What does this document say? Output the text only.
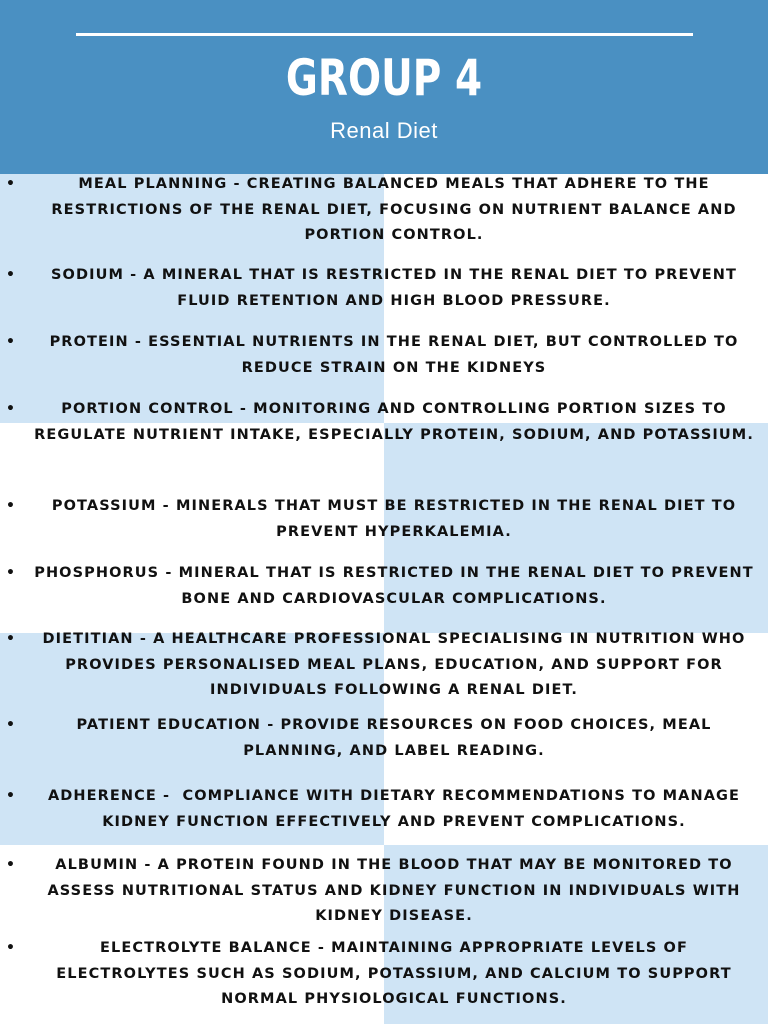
GROUP 4
Renal Diet
•	MEAL PLANNING - CREATING BALANCED MEALS THAT ADHERE TO THE RESTRICTIONS OF THE RENAL DIET, FOCUSING ON NUTRIENT BALANCE AND PORTION CONTROL.
•	SODIUM - A MINERAL THAT IS RESTRICTED IN THE RENAL DIET TO PREVENT FLUID RETENTION AND HIGH BLOOD PRESSURE.
•	PROTEIN - ESSENTIAL NUTRIENTS IN THE RENAL DIET, BUT CONTROLLED TO REDUCE STRAIN ON THE KIDNEYS
•	PORTION CONTROL - MONITORING AND CONTROLLING PORTION SIZES TO REGULATE NUTRIENT INTAKE, ESPECIALLY PROTEIN, SODIUM, AND POTASSIUM.
•	POTASSIUM - MINERALS THAT MUST BE RESTRICTED IN THE RENAL DIET TO PREVENT HYPERKALEMIA.
• PHOSPHORUS - MINERAL THAT IS RESTRICTED IN THE RENAL DIET TO PREVENT BONE AND CARDIOVASCULAR COMPLICATIONS.
•	DIETITIAN - A HEALTHCARE PROFESSIONAL SPECIALISING IN NUTRITION WHO PROVIDES PERSONALISED MEAL PLANS, EDUCATION, AND SUPPORT FOR INDIVIDUALS FOLLOWING A RENAL DIET.
•	PATIENT EDUCATION - PROVIDE RESOURCES ON FOOD CHOICES, MEAL PLANNING, AND LABEL READING.
•	ADHERENCE -  COMPLIANCE WITH DIETARY RECOMMENDATIONS TO MANAGE KIDNEY FUNCTION EFFECTIVELY AND PREVENT COMPLICATIONS.
•	ALBUMIN - A PROTEIN FOUND IN THE BLOOD THAT MAY BE MONITORED TO ASSESS NUTRITIONAL STATUS AND KIDNEY FUNCTION IN INDIVIDUALS WITH KIDNEY DISEASE.
•	ELECTROLYTE BALANCE - MAINTAINING APPROPRIATE LEVELS OF ELECTROLYTES SUCH AS SODIUM, POTASSIUM, AND CALCIUM TO SUPPORT NORMAL PHYSIOLOGICAL FUNCTIONS.
